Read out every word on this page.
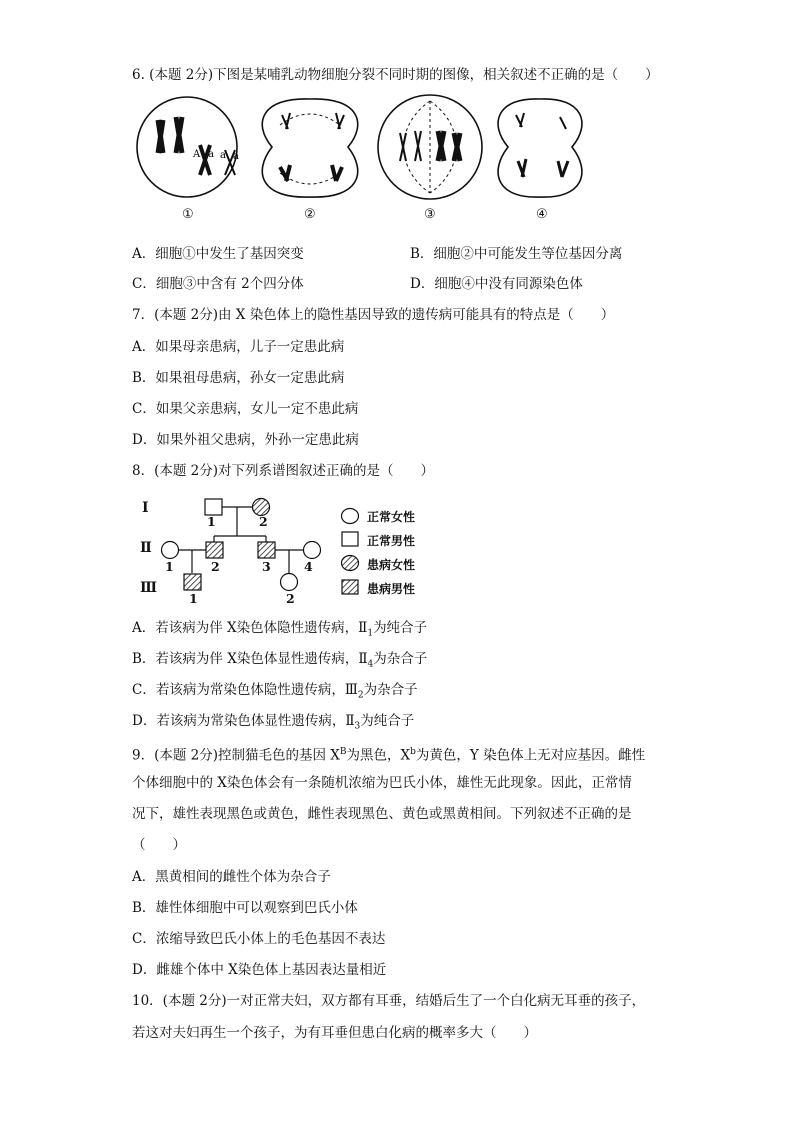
6. (本题 2分)下图是某哺乳动物细胞分裂不同时期的图像，相关叙述不正确的是（　　）
A a a a
①	②	③	④
A．细胞①中发生了基因突变	B．细胞②中可能发生等位基因分离
C．细胞③中含有 2个四分体	D．细胞④中没有同源染色体
7．(本题 2分)由 X 染色体上的隐性基因导致的遗传病可能具有的特点是（　　）
A．如果母亲患病，儿子一定患此病
B．如果祖母患病，孙女一定患此病
C．如果父亲患病，女儿一定不患此病
D．如果外祖父患病，外孙一定患此病
8．(本题 2分)对下列系谱图叙述正确的是（　　）
Ⅰ
Ⅱ
Ⅲ
1	2
1	2	3	4
1	2
正常女性
正常男性
患病女性
患病男性
A．若该病为伴 X染色体隐性遗传病，$Ⅱ_1$为纯合子
B．若该病为伴 X染色体显性遗传病，$Ⅱ_4$为杂合子
C．若该病为常染色体隐性遗传病，$Ⅲ_2$为杂合子
D．若该病为常染色体显性遗传病，$Ⅱ_3$为纯合子
9．(本题 2分)控制猫毛色的基因 $X^B$为黑色，$X^b$为黄色，Y 染色体上无对应基因。雌性
个体细胞中的 X染色体会有一条随机浓缩为巴氏小体，雄性无此现象。因此，正常情
况下，雄性表现黑色或黄色，雌性表现黑色、黄色或黑黄相间。下列叙述不正确的是
（　　）
A．黑黄相间的雌性个体为杂合子
B．雄性体细胞中可以观察到巴氏小体
C．浓缩导致巴氏小体上的毛色基因不表达
D．雌雄个体中 X染色体上基因表达量相近
10．(本题 2分)一对正常夫妇，双方都有耳垂，结婚后生了一个白化病无耳垂的孩子，
若这对夫妇再生一个孩子，为有耳垂但患白化病的概率多大（　　）
